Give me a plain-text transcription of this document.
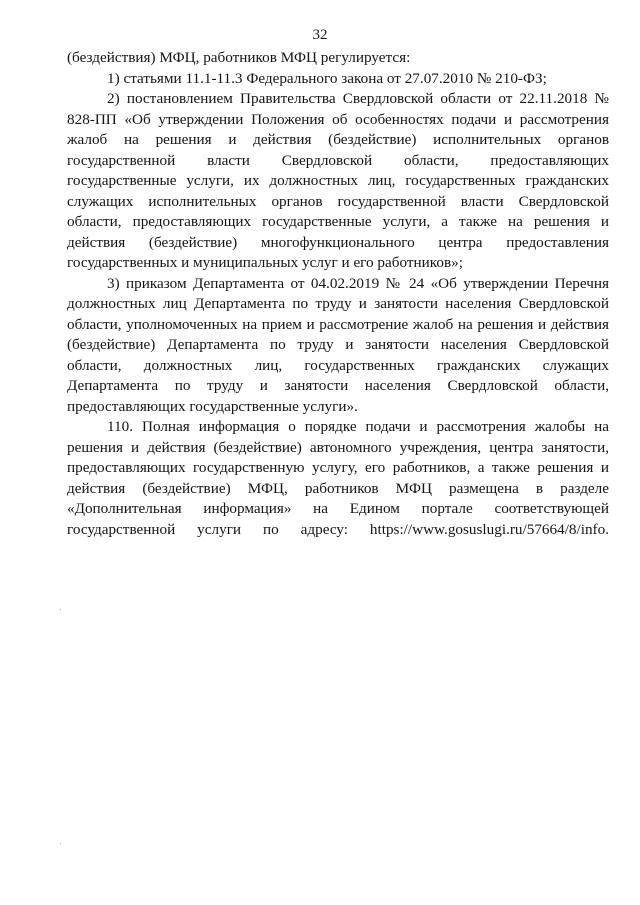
32

(бездействия) МФЦ, работников МФЦ регулируется:

1) статьями 11.1-11.3 Федерального закона от 27.07.2010 № 210-ФЗ;

2) постановлением Правительства Свердловской области от 22.11.2018 № 828-ПП «Об утверждении Положения об особенностях подачи и рассмотрения жалоб на решения и действия (бездействие) исполнительных органов государственной власти Свердловской области, предоставляющих государственные услуги, их должностных лиц, государственных гражданских служащих исполнительных органов государственной власти Свердловской области, предоставляющих государственные услуги, а также на решения и действия (бездействие) многофункционального центра предоставления государственных и муниципальных услуг и его работников»;

3) приказом Департамента от 04.02.2019 № 24 «Об утверждении Перечня должностных лиц Департамента по труду и занятости населения Свердловской области, уполномоченных на прием и рассмотрение жалоб на решения и действия (бездействие) Департамента по труду и занятости населения Свердловской области, должностных лиц, государственных гражданских служащих Департамента по труду и занятости населения Свердловской области, предоставляющих государственные услуги».

110. Полная информация о порядке подачи и рассмотрения жалобы на решения и действия (бездействие) автономного учреждения, центра занятости, предоставляющих государственную услугу, его работников, а также решения и действия (бездействие) МФЦ, работников МФЦ размещена в разделе «Дополнительная информация» на Едином портале соответствующей государственной услуги по адресу: https://www.gosuslugi.ru/57664/8/info.
